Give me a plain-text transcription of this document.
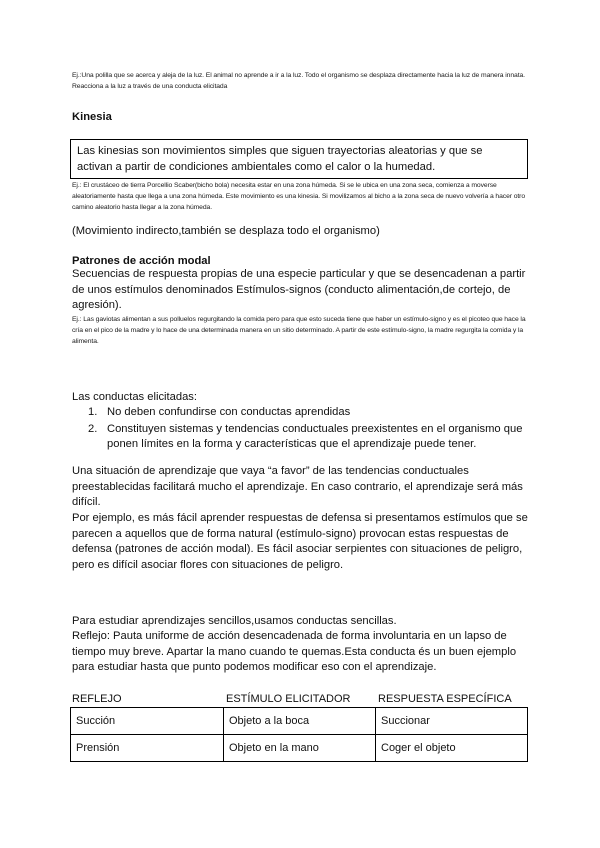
Ej.:Una polilla que se acerca y aleja de la luz. El animal no aprende a ir a la luz. Todo el organismo se desplaza directamente hacia la luz de manera innata. Reacciona a la luz a través de una conducta elicitada
Kinesia
Las kinesias son movimientos simples que siguen trayectorias aleatorias y que se activan a partir de condiciones ambientales como el calor o la humedad.
Ej.: El crustáceo de tierra Porcellio Scaber(bicho bola) necesita estar en una zona húmeda. Si se le ubica en una zona seca, comienza a moverse aleatoriamente hasta que llega a una zona húmeda. Este movimiento es una kinesia. Si movilizamos al bicho a la zona seca de nuevo volvería a hacer otro camino aleatorio hasta llegar a la zona húmeda.
(Movimiento indirecto,también se desplaza todo el organismo)
Patrones de acción modal
Secuencias de respuesta propias de una especie particular y que se desencadenan a partir de unos estímulos denominados Estímulos-signos (conducto alimentación,de cortejo, de agresión).
Ej.: Las gaviotas alimentan a sus polluelos regurgitando la comida pero para que esto suceda tiene que haber un estímulo-signo y es el picoteo que hace la cría en el pico de la madre y lo hace de una determinada manera en un sitio determinado. A partir de este estímulo-signo, la madre regurgita la comida y la alimenta.
Las conductas elicitadas:
1. No deben confundirse con conductas aprendidas
2. Constituyen sistemas y tendencias conductuales preexistentes en el organismo que ponen límites en la forma y características que el aprendizaje puede tener.
Una situación de aprendizaje que vaya “a favor” de las tendencias conductuales preestablecidas facilitará mucho el aprendizaje. En caso contrario, el aprendizaje será más difícil.
Por ejemplo, es más fácil aprender respuestas de defensa si presentamos estímulos que se parecen a aquellos que de forma natural (estímulo-signo) provocan estas respuestas de defensa (patrones de acción modal). Es fácil asociar serpientes con situaciones de peligro, pero es difícil asociar flores con situaciones de peligro.
Para estudiar aprendizajes sencillos,usamos conductas sencillas.
Reflejo: Pauta uniforme de acción desencadenada de forma involuntaria en un lapso de tiempo muy breve. Apartar la mano cuando te quemas.Esta conducta és un buen ejemplo para estudiar hasta que punto podemos modificar eso con el aprendizaje.
REFLEJO	ESTÍMULO ELICITADOR	RESPUESTA ESPECÍFICA
Succión	Objeto a la boca	Succionar
Prensión	Objeto en la mano	Coger el objeto
